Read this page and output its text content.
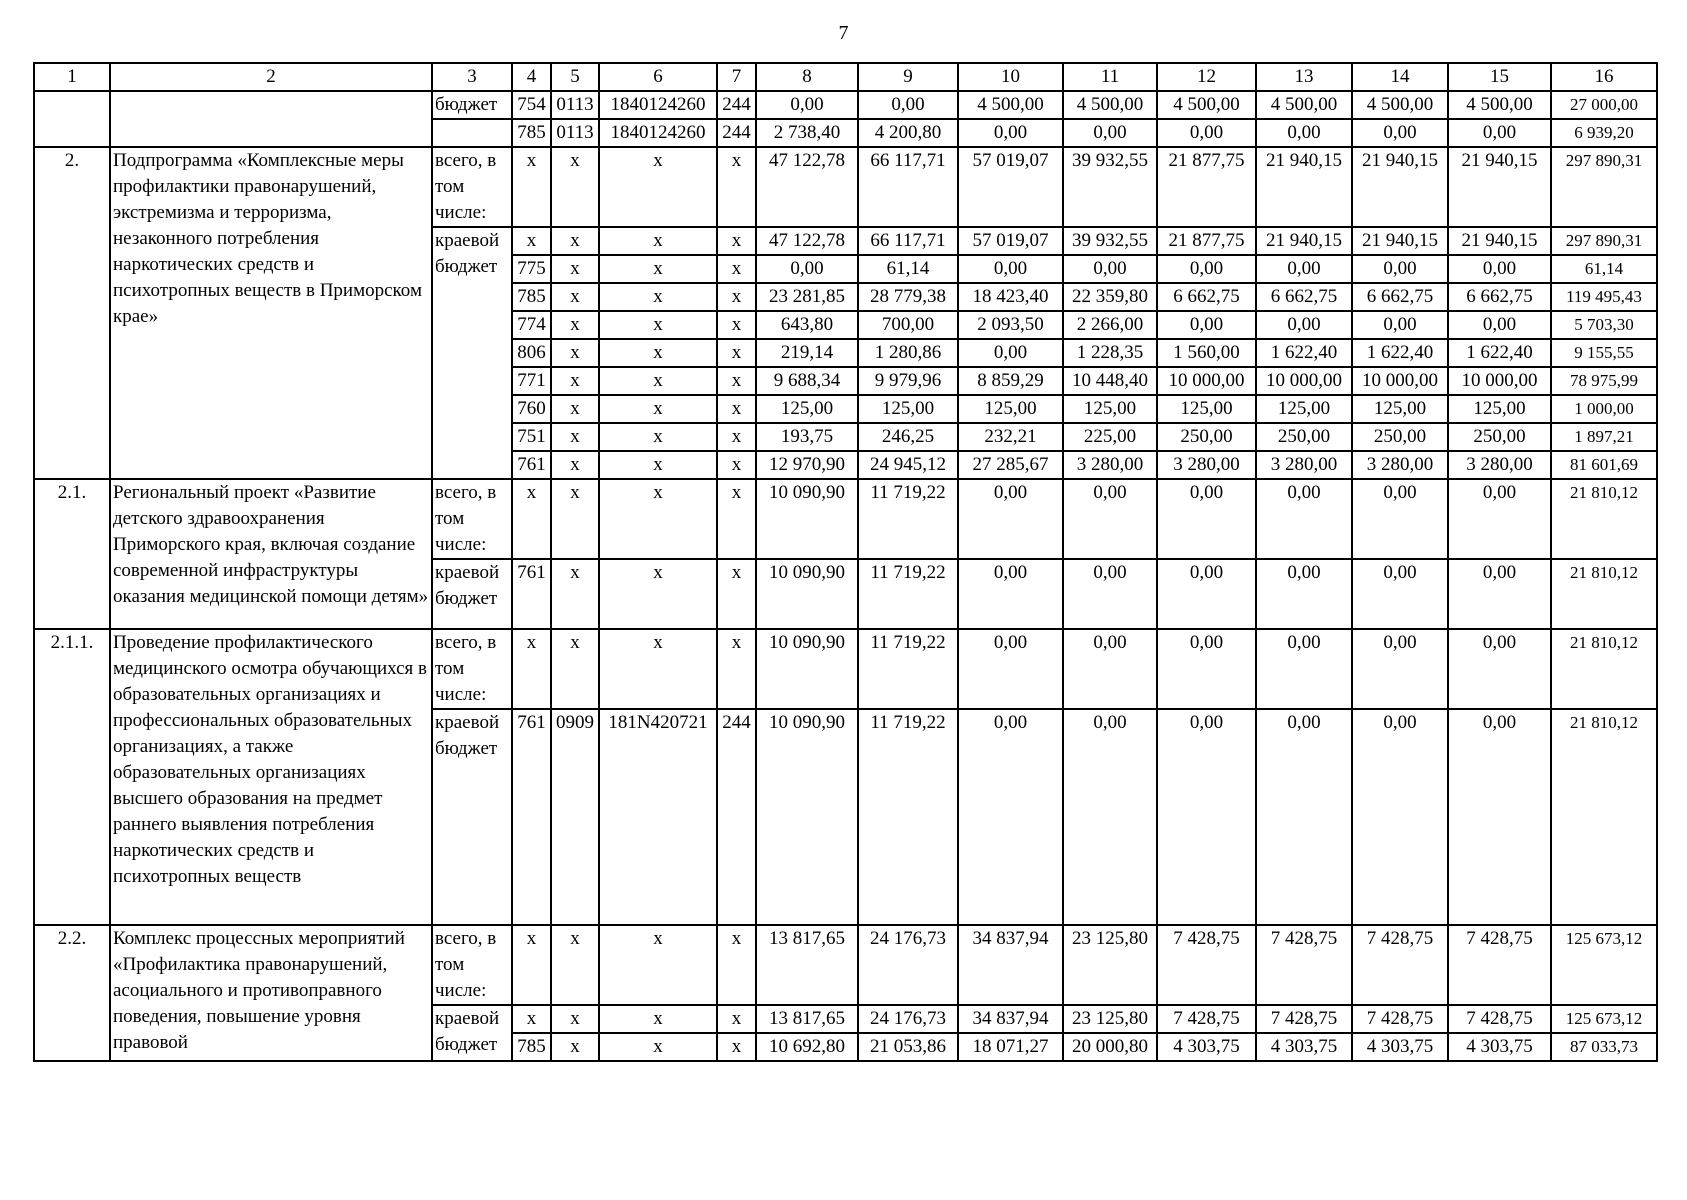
7
1	2	3	4	5	6	7	8	9	10	11	12	13	14	15	16
		бюджет	754	0113	1840124260	244	0,00	0,00	4 500,00	4 500,00	4 500,00	4 500,00	4 500,00	4 500,00	27 000,00
			785	0113	1840124260	244	2 738,40	4 200,80	0,00	0,00	0,00	0,00	0,00	0,00	6 939,20
2.	Подпрограмма «Комплексные меры профилактики правонарушений, экстремизма и терроризма, незаконного потребления наркотических средств и психотропных веществ в Приморском крае»	всего, в том числе:	x	x	x	x	47 122,78	66 117,71	57 019,07	39 932,55	21 877,75	21 940,15	21 940,15	21 940,15	297 890,31
		краевой бюджет	x	x	x	x	47 122,78	66 117,71	57 019,07	39 932,55	21 877,75	21 940,15	21 940,15	21 940,15	297 890,31
			775	x	x	x	0,00	61,14	0,00	0,00	0,00	0,00	0,00	0,00	61,14
			785	x	x	x	23 281,85	28 779,38	18 423,40	22 359,80	6 662,75	6 662,75	6 662,75	6 662,75	119 495,43
			774	x	x	x	643,80	700,00	2 093,50	2 266,00	0,00	0,00	0,00	0,00	5 703,30
			806	x	x	x	219,14	1 280,86	0,00	1 228,35	1 560,00	1 622,40	1 622,40	1 622,40	9 155,55
			771	x	x	x	9 688,34	9 979,96	8 859,29	10 448,40	10 000,00	10 000,00	10 000,00	10 000,00	78 975,99
			760	x	x	x	125,00	125,00	125,00	125,00	125,00	125,00	125,00	125,00	1 000,00
			751	x	x	x	193,75	246,25	232,21	225,00	250,00	250,00	250,00	250,00	1 897,21
			761	x	x	x	12 970,90	24 945,12	27 285,67	3 280,00	3 280,00	3 280,00	3 280,00	3 280,00	81 601,69
2.1.	Региональный проект «Развитие детского здравоохранения Приморского края, включая создание современной инфраструктуры оказания медицинской помощи детям»	всего, в том числе:	x	x	x	x	10 090,90	11 719,22	0,00	0,00	0,00	0,00	0,00	0,00	21 810,12
		краевой бюджет	761	x	x	x	10 090,90	11 719,22	0,00	0,00	0,00	0,00	0,00	0,00	21 810,12
2.1.1.	Проведение профилактического медицинского осмотра обучающихся в образовательных организациях и профессиональных образовательных организациях, а также образовательных организациях высшего образования на предмет раннего выявления потребления наркотических средств и психотропных веществ	всего, в том числе:	x	x	x	x	10 090,90	11 719,22	0,00	0,00	0,00	0,00	0,00	0,00	21 810,12
		краевой бюджет	761	0909	181N420721	244	10 090,90	11 719,22	0,00	0,00	0,00	0,00	0,00	0,00	21 810,12
2.2.	Комплекс процессных мероприятий «Профилактика правонарушений, асоциального и противоправного поведения, повышение уровня правовой	всего, в том числе:	x	x	x	x	13 817,65	24 176,73	34 837,94	23 125,80	7 428,75	7 428,75	7 428,75	7 428,75	125 673,12
		краевой бюджет	x	x	x	x	13 817,65	24 176,73	34 837,94	23 125,80	7 428,75	7 428,75	7 428,75	7 428,75	125 673,12
			785	x	x	x	10 692,80	21 053,86	18 071,27	20 000,80	4 303,75	4 303,75	4 303,75	4 303,75	87 033,73
